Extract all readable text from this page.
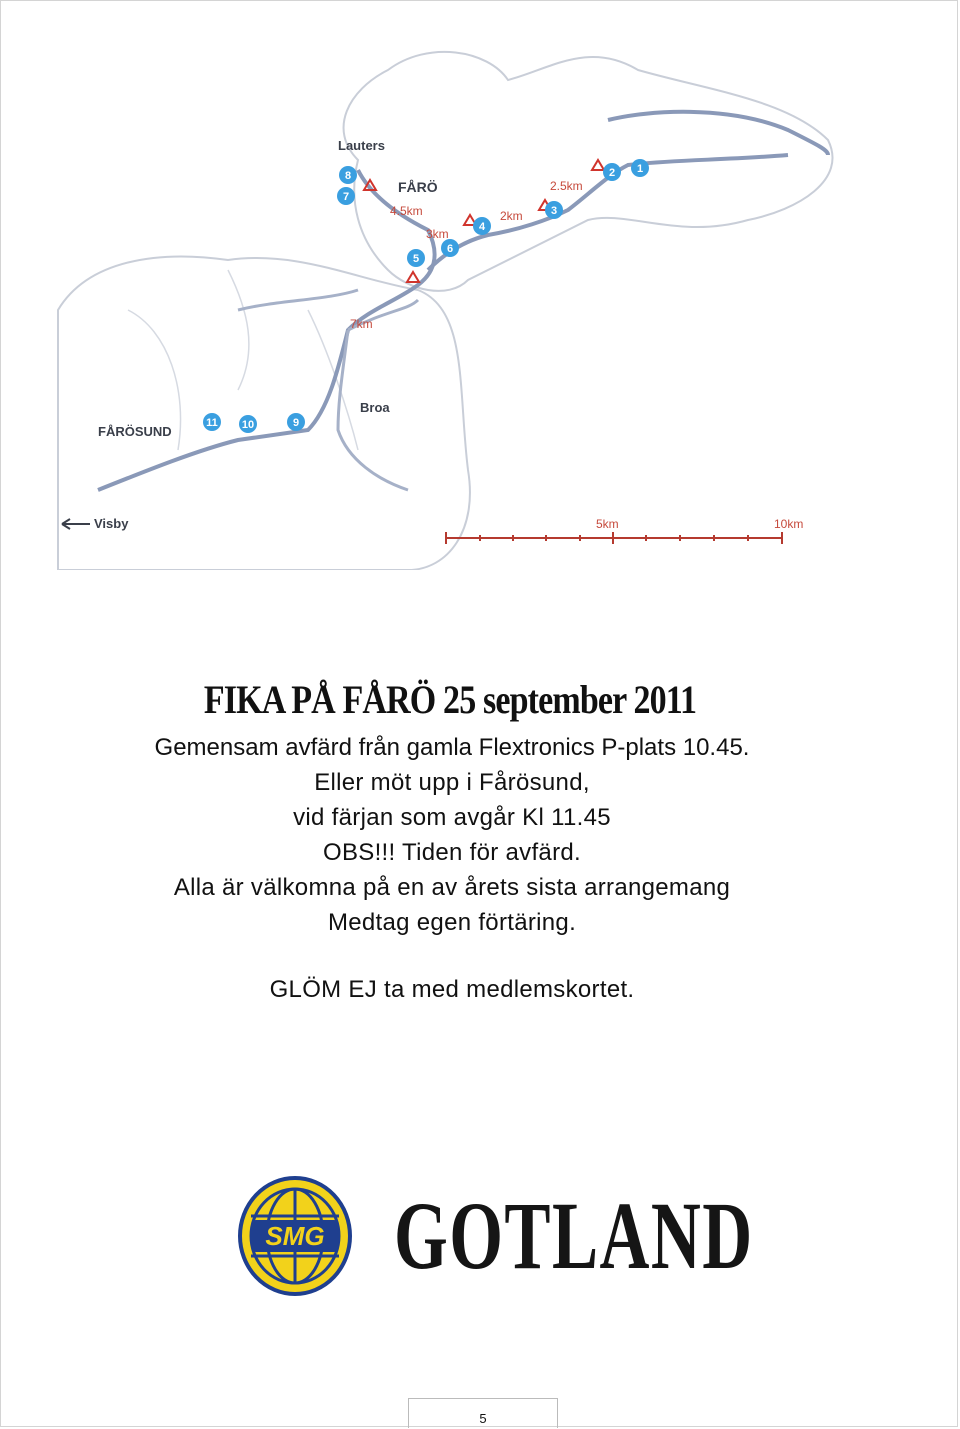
Lauters
FÅRÖ
FÅRÖSUND
Broa
Visby
4.5km
3km
2km
2.5km
7km
1
2
3
4
5
6
7
8
9
10
11
5km	10km
FIKA PÅ FÅRÖ 25 september 2011
Gemensam avfärd från gamla Flextronics P-plats 10.45.
Eller möt upp i Fårösund,
vid färjan som avgår Kl 11.45
OBS!!! Tiden för avfärd.
Alla är välkomna på en av årets sista arrangemang
Medtag egen förtäring.
GLÖM EJ ta med medlemskortet.
SMG GOTLAND
5
